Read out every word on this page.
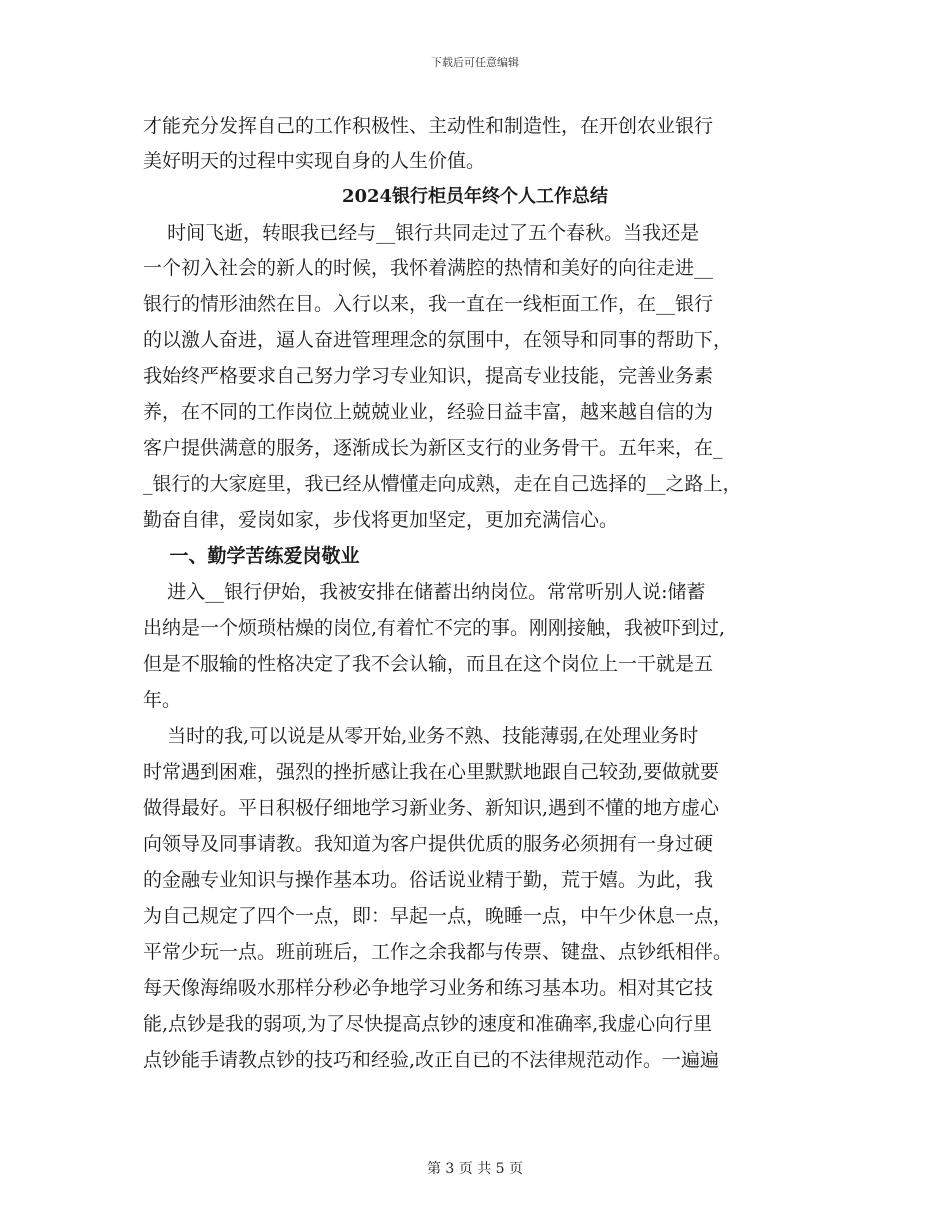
下载后可任意编辑
才能充分发挥自己的工作积极性、主动性和制造性，在开创农业银行
美好明天的过程中实现自身的人生价值。
2024银行柜员年终个人工作总结
时间飞逝，转眼我已经与__银行共同走过了五个春秋。当我还是
一个初入社会的新人的时候，我怀着满腔的热情和美好的向往走进__
银行的情形油然在目。入行以来，我一直在一线柜面工作，在__银行
的以激人奋进，逼人奋进管理理念的氛围中，在领导和同事的帮助下，
我始终严格要求自己努力学习专业知识，提高专业技能，完善业务素
养，在不同的工作岗位上兢兢业业，经验日益丰富，越来越自信的为
客户提供满意的服务，逐渐成长为新区支行的业务骨干。五年来，在_
_银行的大家庭里，我已经从懵懂走向成熟，走在自己选择的__之路上，
勤奋自律，爱岗如家，步伐将更加坚定，更加充满信心。
一、勤学苦练爱岗敬业
进入__银行伊始，我被安排在储蓄出纳岗位。常常听别人说:储蓄
出纳是一个烦琐枯燥的岗位,有着忙不完的事。刚刚接触，我被吓到过,
但是不服输的性格决定了我不会认输，而且在这个岗位上一干就是五
年。
当时的我,可以说是从零开始,业务不熟、技能薄弱,在处理业务时
时常遇到困难，强烈的挫折感让我在心里默默地跟自己较劲,要做就要
做得最好。平日积极仔细地学习新业务、新知识,遇到不懂的地方虚心
向领导及同事请教。我知道为客户提供优质的服务必须拥有一身过硬
的金融专业知识与操作基本功。俗话说业精于勤，荒于嬉。为此，我
为自己规定了四个一点，即：早起一点，晚睡一点，中午少休息一点，
平常少玩一点。班前班后，工作之余我都与传票、键盘、点钞纸相伴。
每天像海绵吸水那样分秒必争地学习业务和练习基本功。相对其它技
能,点钞是我的弱项,为了尽快提高点钞的速度和准确率,我虚心向行里
点钞能手请教点钞的技巧和经验,改正自已的不法律规范动作。一遍遍
第 3 页 共 5 页
